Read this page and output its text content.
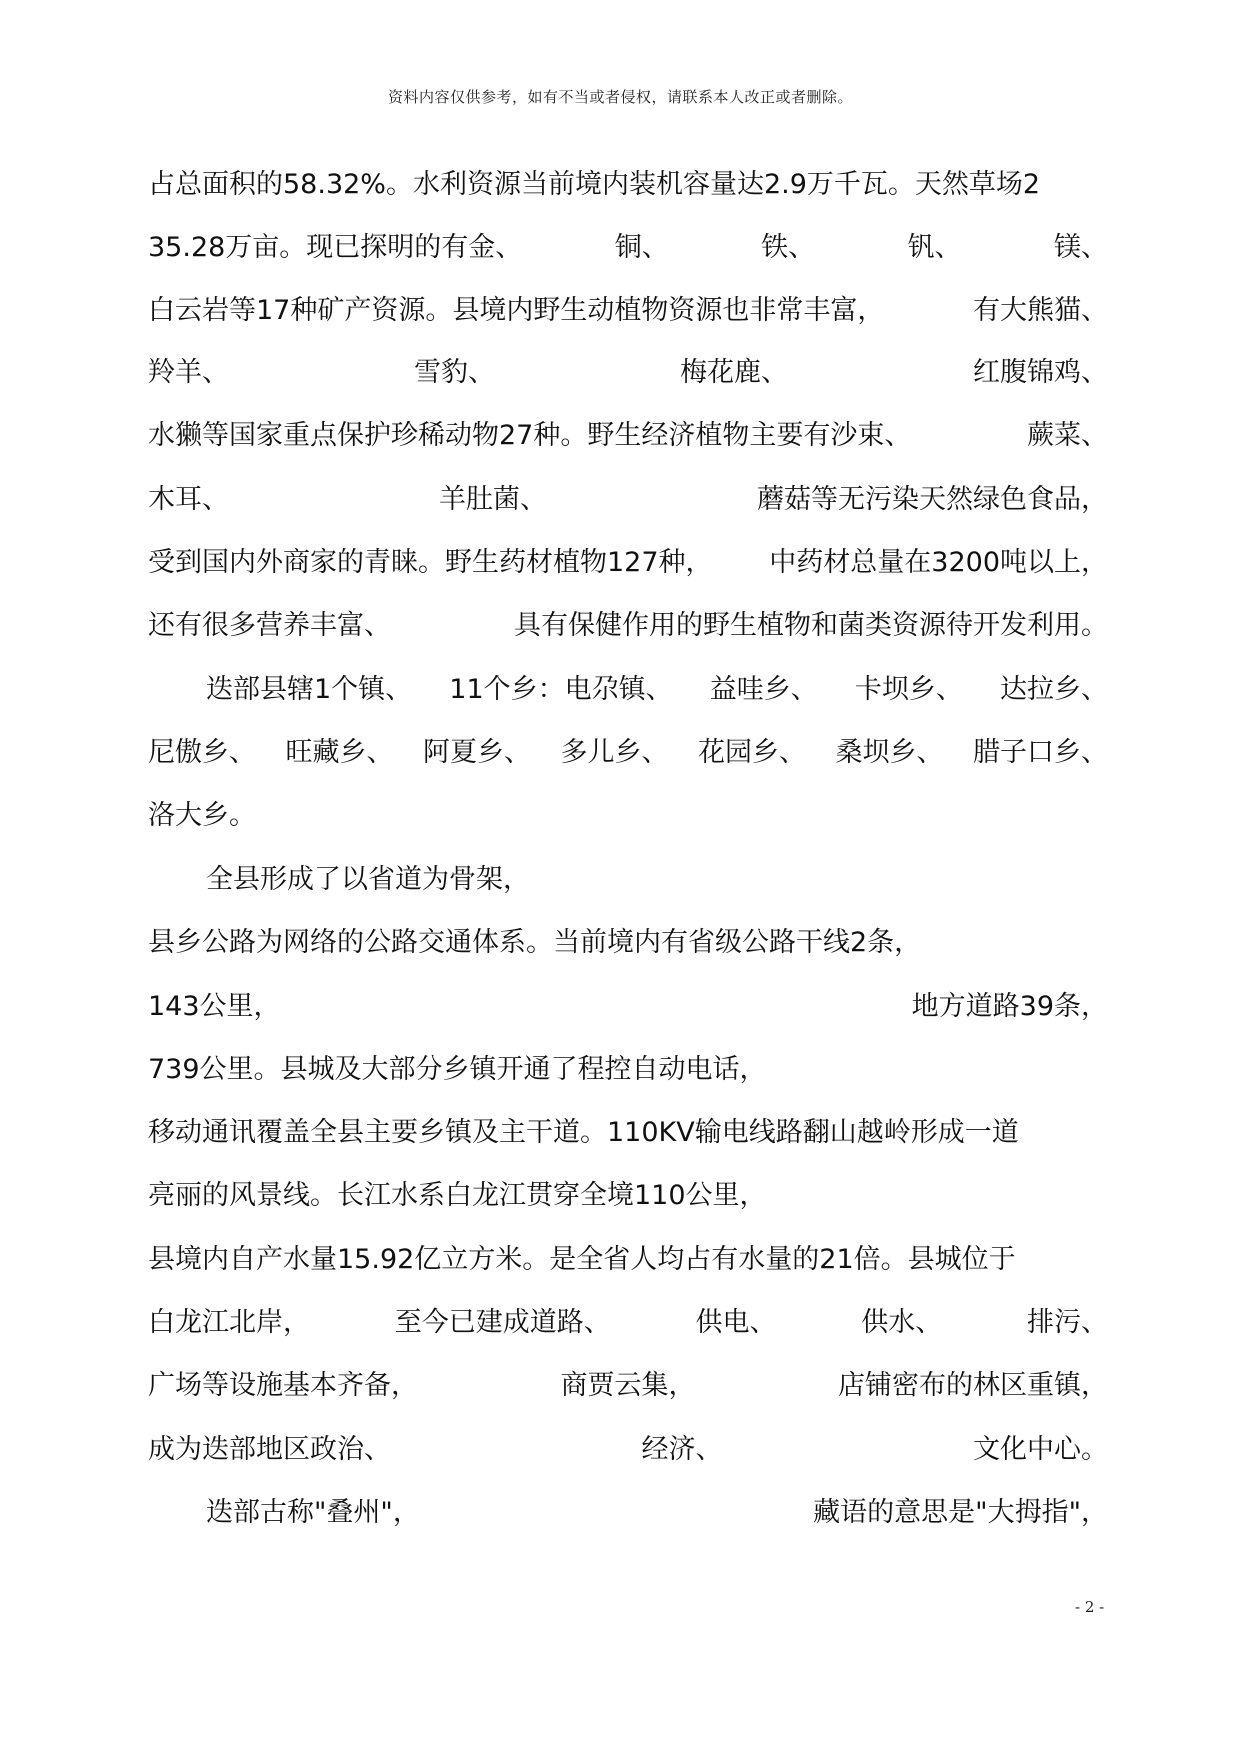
资料内容仅供参考，如有不当或者侵权，请联系本人改正或者删除。
占总面积的58.32%。水利资源当前境内装机容量达2.9万千瓦。天然草场2
35.28万亩。现已探明的有金、	铜、	铁、	钒、	镁、
白云岩等17种矿产资源。县境内野生动植物资源也非常丰富，	有大熊猫、
羚羊、	雪豹、	梅花鹿、	红腹锦鸡、
水獭等国家重点保护珍稀动物27种。野生经济植物主要有沙束、	蕨菜、
木耳、	羊肚菌、	蘑菇等无污染天然绿色食品，
受到国内外商家的青睐。野生药材植物127种， 中药材总量在3200吨以上，
还有很多营养丰富、	具有保健作用的野生植物和菌类资源待开发利用。
迭部县辖1个镇、 11个乡：电尕镇、 益哇乡、 卡坝乡、 达拉乡、
尼傲乡、 旺藏乡、 阿夏乡、 多儿乡、 花园乡、 桑坝乡、 腊子口乡、
洛大乡。
全县形成了以省道为骨架，
县乡公路为网络的公路交通体系。当前境内有省级公路干线2条，
143公里，	地方道路39条，
739公里。县城及大部分乡镇开通了程控自动电话，
移动通讯覆盖全县主要乡镇及主干道。110KV输电线路翻山越岭形成一道
亮丽的风景线。长江水系白龙江贯穿全境110公里，
县境内自产水量15.92亿立方米。是全省人均占有水量的21倍。县城位于
白龙江北岸，	至今已建成道路、	供电、	供水、	排污、
广场等设施基本齐备，	商贾云集，	店铺密布的林区重镇，
成为迭部地区政治、	经济、	文化中心。
迭部古称"叠州"，	藏语的意思是"大拇指"，
- 2 -
